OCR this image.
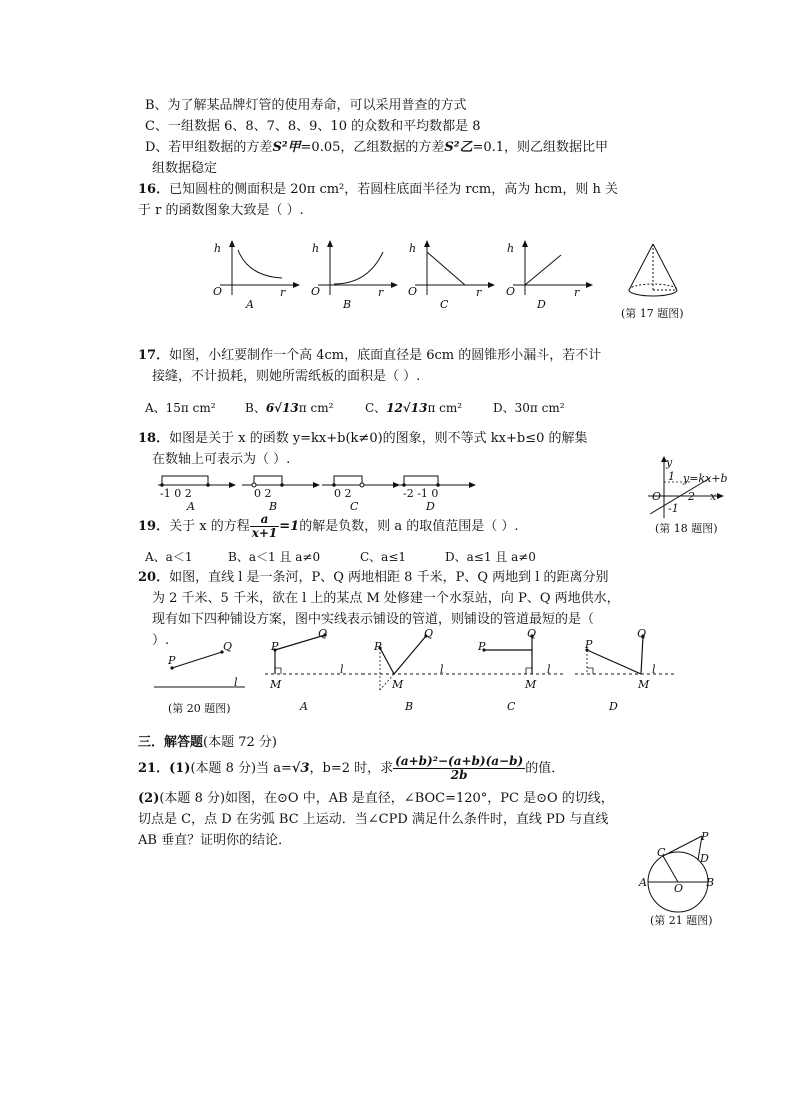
B、为了解某品牌灯管的使用寿命，可以采用普查的方式
C、一组数据 6、8、7、8、9、10 的众数和平均数都是 8
D、若甲组数据的方差S²甲=0.05，乙组数据的方差S²乙=0.1，则乙组数据比甲
组数据稳定
16．已知圆柱的侧面积是 20π cm²，若圆柱底面半径为 rcm，高为 hcm，则 h 关
于 r 的函数图象大致是（ ）.
h
r
O
A
h
r
O
B
h
r
O
C
h
r
O
D
(第 17 题图)
17．如图，小红要制作一个高 4cm，底面直径是 6cm 的圆锥形小漏斗，若不计
接缝，不计损耗，则她所需纸板的面积是（ ）.
A、15π cm² B、6√13π cm²	C、12√13π cm²	D、30π cm²
18．如图是关于 x 的函数 y=kx+b(k≠0)的图象，则不等式 kx+b≤0 的解集
在数轴上可表示为（ ）.
-1 0 2
A
0 2
B
0 2
C
-2 -1 0
D
y
1 y=kx+b
O 2 x
-1
(第 18 题图)
19．关于 x 的方程 $\frac{a}{x+1} =1$的解是负数，则 a 的取值范围是（ ）.
A、a＜1	B、a＜1 且 a≠0	C、a≤1	D、a≤1 且 a≠0
20．如图，直线 l 是一条河，P、Q 两地相距 8 千米，P、Q 两地到 l 的距离分别
为 2 千米、5 千米，欲在 l 上的某点 M 处修建一个水泵站，向 P、Q 两地供水，
现有如下四种铺设方案，图中实线表示铺设的管道，则铺设的管道最短的是（
）.
P
Q
l
(第 20 题图)
P
Q
l
M
A
P
Q
l
M
B
P
Q
l
M
C
P
Q
l
M
D
三．解答题(本题 72 分)
21．(1)(本题 8 分)当 a=√3，b=2 时，求 $\frac{\text{(a+b)²−(a+b)(a−b)}}{2b}$ 的值．
(2)(本题 8 分)如图，在⊙O 中，AB 是直径，∠BOC=120°，PC 是⊙O 的切线，
切点是 C，点 D 在劣弧 BC 上运动．当∠CPD 满足什么条件时，直线 PD 与直线
AB 垂直？证明你的结论．	P
C	D
A O B
(第 21 题图)
